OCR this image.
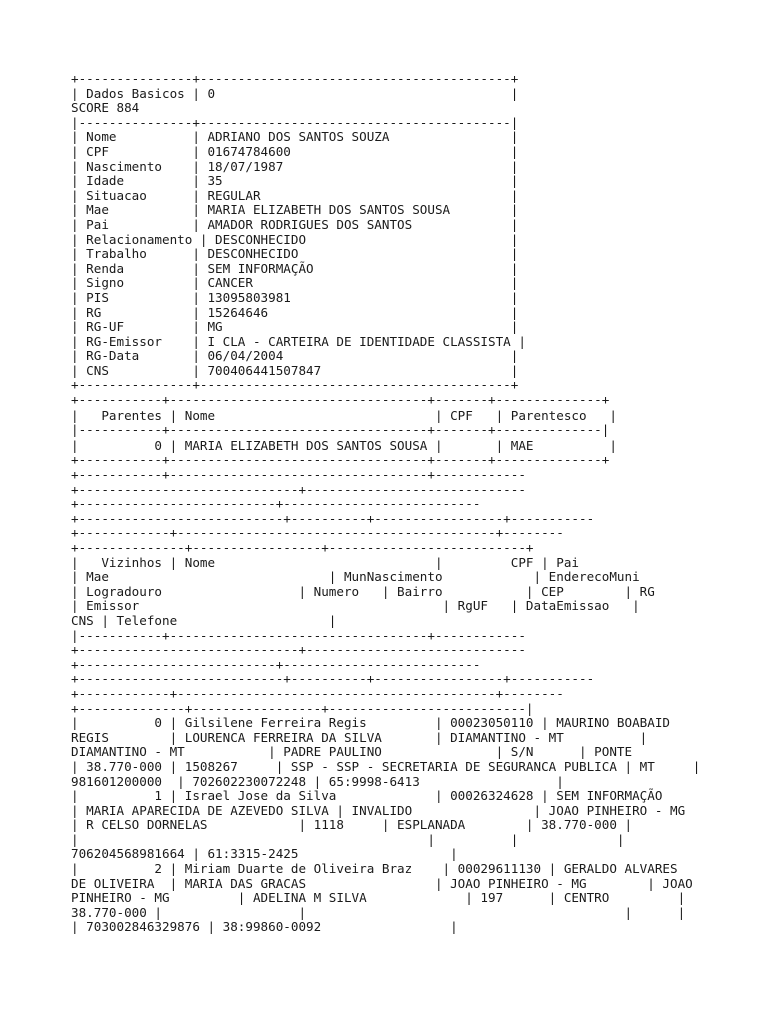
+---------------+-----------------------------------------+
| Dados Basicos | 0                                       |
SCORE 884
|---------------+-----------------------------------------|
| Nome          | ADRIANO DOS SANTOS SOUZA                |
| CPF           | 01674784600                             |
| Nascimento    | 18/07/1987                              |
| Idade         | 35                                      |
| Situacao      | REGULAR                                 |
| Mae           | MARIA ELIZABETH DOS SANTOS SOUSA        |
| Pai           | AMADOR RODRIGUES DOS SANTOS             |
| Relacionamento | DESCONHECIDO                           |
| Trabalho      | DESCONHECIDO                            |
| Renda         | SEM INFORMAÇÃO                          |
| Signo         | CANCER                                  |
| PIS           | 13095803981                             |
| RG            | 15264646                                |
| RG-UF         | MG                                      |
| RG-Emissor    | I CLA - CARTEIRA DE IDENTIDADE CLASSISTA |
| RG-Data       | 06/04/2004                              |
| CNS           | 700406441507847                         |
+---------------+-----------------------------------------+
+-----------+----------------------------------+-------+--------------+
|   Parentes | Nome                             | CPF   | Parentesco   |
|-----------+----------------------------------+-------+--------------|
|          0 | MARIA ELIZABETH DOS SANTOS SOUSA |       | MAE          |
+-----------+----------------------------------+-------+--------------+
+-----------+----------------------------------+------------
+-----------------------------+-----------------------------
+--------------------------+--------------------------
+---------------------------+----------+-----------------+-----------
+------------+------------------------------------------+--------
+--------------+-----------------+--------------------------+
|   Vizinhos | Nome                             |         CPF | Pai
| Mae                             | MunNascimento            | EnderecoMuni
| Logradouro                  | Numero   | Bairro           | CEP        | RG
| Emissor                                        | RgUF   | DataEmissao   |
CNS | Telefone                    |
|-----------+----------------------------------+------------
+-----------------------------+-----------------------------
+--------------------------+--------------------------
+---------------------------+----------+-----------------+-----------
+------------+------------------------------------------+--------
+--------------+-----------------+--------------------------|
|          0 | Gilsilene Ferreira Regis         | 00023050110 | MAURINO BOABAID
REGIS        | LOURENCA FERREIRA DA SILVA       | DIAMANTINO - MT          |
DIAMANTINO - MT           | PADRE PAULINO               | S/N      | PONTE
| 38.770-000 | 1508267     | SSP - SSP - SECRETARIA DE SEGURANCA PUBLICA | MT     |
981601200000  | 702602230072248 | 65:9998-6413                  |
|          1 | Israel Jose da Silva             | 00026324628 | SEM INFORMAÇÃO
| MARIA APARECIDA DE AZEVEDO SILVA | INVALIDO                | JOAO PINHEIRO - MG
| R CELSO DORNELAS            | 1118     | ESPLANADA        | 38.770-000 |
|                                              |          |             |
706204568981664 | 61:3315-2425                    |
|          2 | Miriam Duarte de Oliveira Braz    | 00029611130 | GERALDO ALVARES
DE OLIVEIRA  | MARIA DAS GRACAS                 | JOAO PINHEIRO - MG        | JOAO
PINHEIRO - MG         | ADELINA M SILVA             | 197      | CENTRO         |
38.770-000 |                  |                                          |      |
| 703002846329876 | 38:99860-0092                 |
